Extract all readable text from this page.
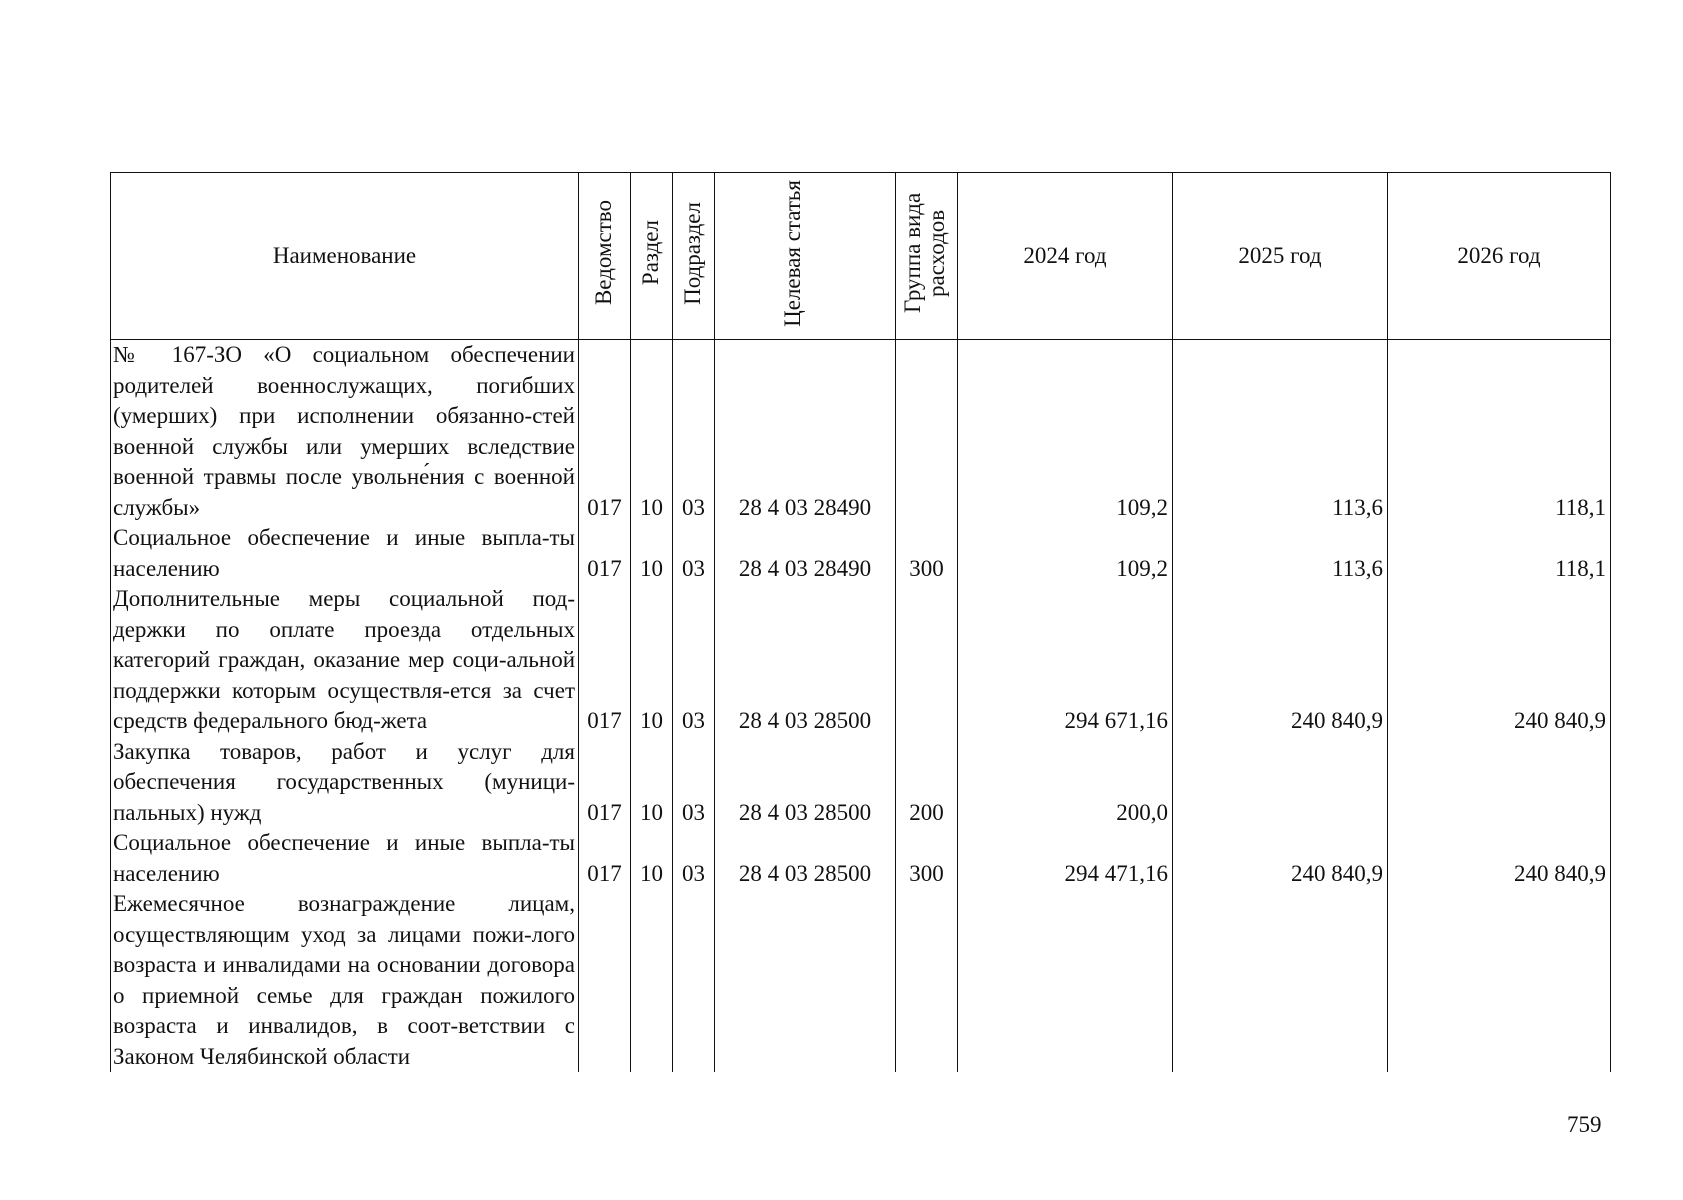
Наименование	Ведомство	Раздел	Подраздел	Целевая статья	Группа вида расходов	2024 год	2025 год	2026 год
№ 167-ЗО «О социальном обеспечении родителей военнослужащих, погибших (умерших) при исполнении обязанно-стей военной службы или умерших вследствие военной травмы после увольне́ния с военной службы»	017	10	03	28 4 03 28490		109,2	113,6	118,1
Социальное обеспечение и иные выпла-ты населению	017	10	03	28 4 03 28490	300	109,2	113,6	118,1
Дополнительные меры социальной под-держки по оплате проезда отдельных категорий граждан, оказание мер соци-альной поддержки которым осуществля-ется за счет средств федерального бюд-жета	017	10	03	28 4 03 28500		294 671,16	240 840,9	240 840,9
Закупка товаров, работ и услуг для обеспечения государственных (муници-пальных) нужд	017	10	03	28 4 03 28500	200	200,0		
Социальное обеспечение и иные выпла-ты населению	017	10	03	28 4 03 28500	300	294 471,16	240 840,9	240 840,9
Ежемесячное вознаграждение лицам, осуществляющим уход за лицами пожи-лого возраста и инвалидами на основании договора о приемной семье для граждан пожилого возраста и инвалидов, в соот-ветствии с Законом Челябинской области								
759
